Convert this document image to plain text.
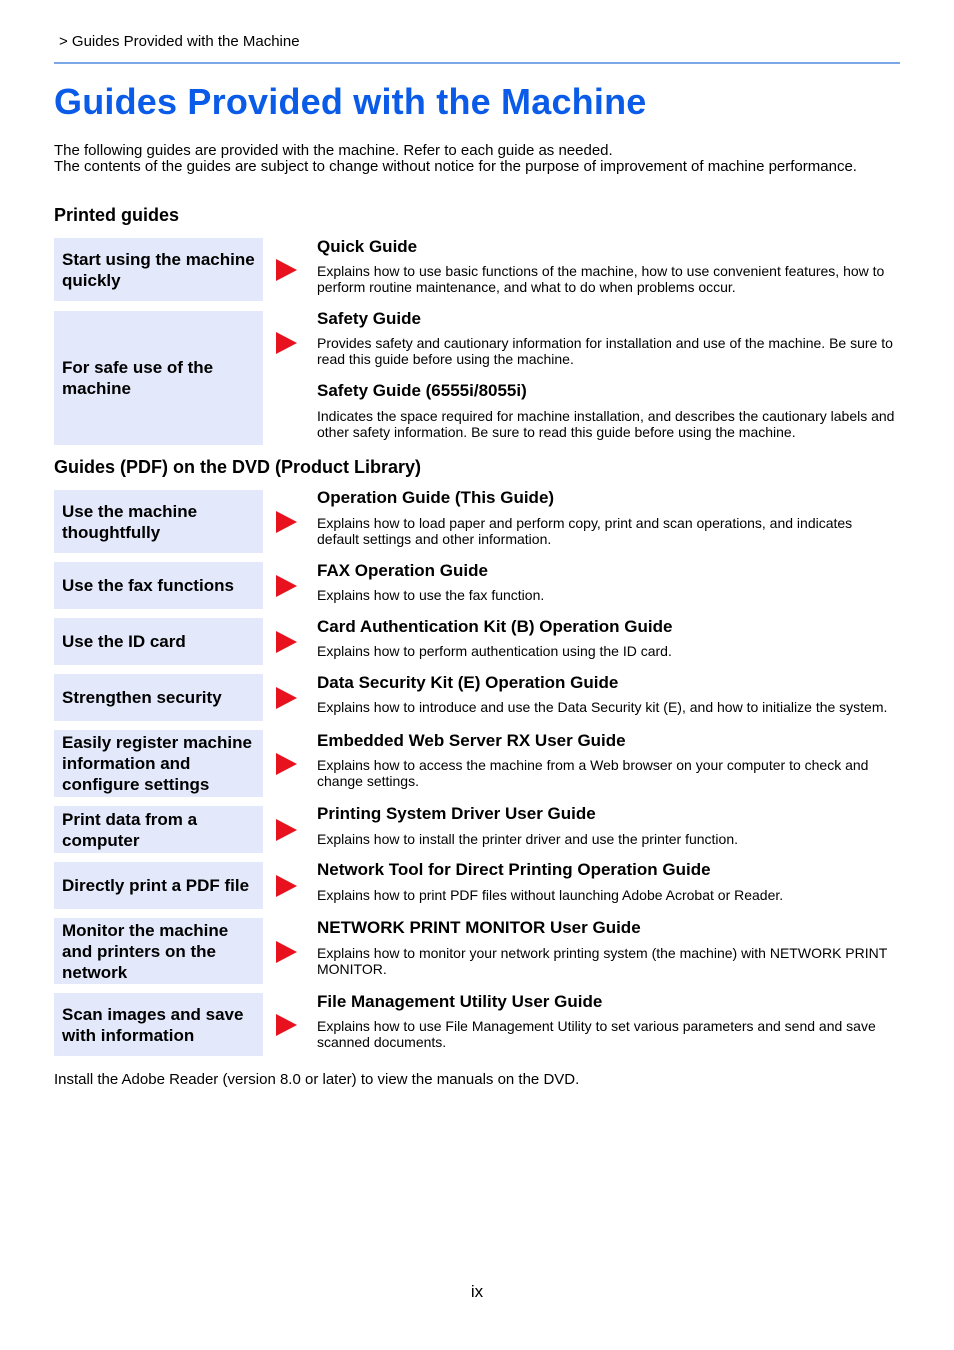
> Guides Provided with the Machine
Guides Provided with the Machine

The following guides are provided with the machine. Refer to each guide as needed.

The contents of the guides are subject to change without notice for the purpose of improvement of machine performance.

Printed guides
Start using the machine quickly
Quick Guide
Explains how to use basic functions of the machine, how to use convenient features, how to perform routine maintenance, and what to do when problems occur.
For safe use of the machine
Safety Guide
Provides safety and cautionary information for installation and use of the machine. Be sure to read this guide before using the machine.
Safety Guide (6555i/8055i)
Indicates the space required for machine installation, and describes the cautionary labels and other safety information. Be sure to read this guide before using the machine.
Guides (PDF) on the DVD (Product Library)
Use the machine thoughtfully
Operation Guide (This Guide)
Explains how to load paper and perform copy, print and scan operations, and indicates default settings and other information.
Use the fax functions
FAX Operation Guide
Explains how to use the fax function.
Use the ID card
Card Authentication Kit (B) Operation Guide
Explains how to perform authentication using the ID card.
Strengthen security
Data Security Kit (E) Operation Guide
Explains how to introduce and use the Data Security kit (E), and how to initialize the system.
Easily register machine information and configure settings
Embedded Web Server RX User Guide
Explains how to access the machine from a Web browser on your computer to check and change settings.
Print data from a computer
Printing System Driver User Guide
Explains how to install the printer driver and use the printer function.
Directly print a PDF file
Network Tool for Direct Printing Operation Guide
Explains how to print PDF files without launching Adobe Acrobat or Reader.
Monitor the machine and printers on the network
NETWORK PRINT MONITOR User Guide
Explains how to monitor your network printing system (the machine) with NETWORK PRINT MONITOR.
Scan images and save with information
File Management Utility User Guide
Explains how to use File Management Utility to set various parameters and send and save scanned documents.
Install the Adobe Reader (version 8.0 or later) to view the manuals on the DVD.
ix
